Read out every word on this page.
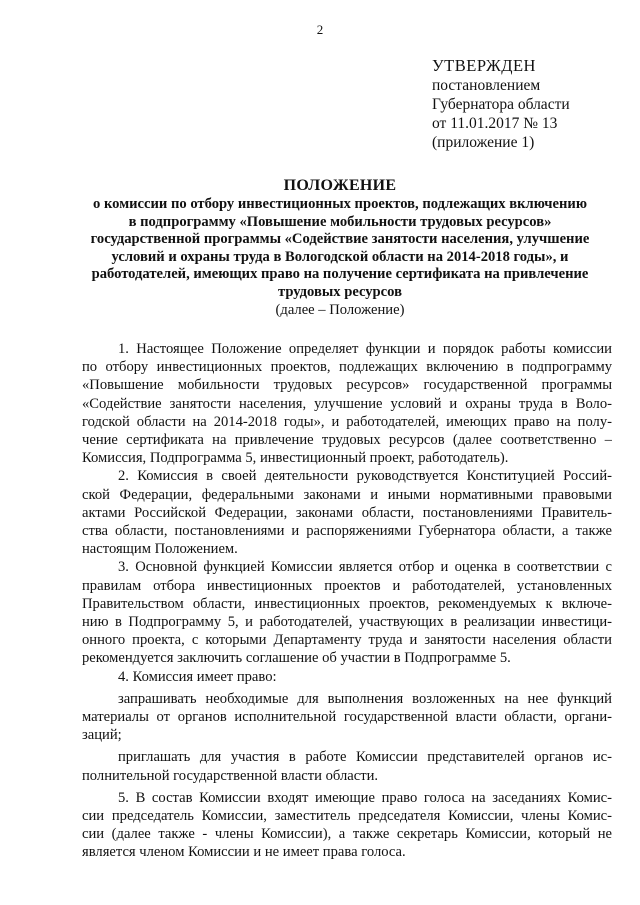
2
УТВЕРЖДЕН
постановлением
Губернатора области
от 11.01.2017 № 13
(приложение 1)
ПОЛОЖЕНИЕ
о комиссии по отбору инвестиционных проектов, подлежащих включению
в подпрограмму «Повышение мобильности трудовых ресурсов»
государственной программы «Содействие занятости населения, улучшение
условий и охраны труда в Вологодской области на 2014-2018 годы», и
работодателей, имеющих право на получение сертификата на привлечение
трудовых ресурсов
(далее – Положение)
1. Настоящее Положение определяет функции и порядок работы комиссии
по отбору инвестиционных проектов, подлежащих включению в подпрограмму
«Повышение мобильности трудовых ресурсов» государственной программы
«Содействие занятости населения, улучшение условий и охраны труда в Воло-
годской области на 2014-2018 годы», и работодателей, имеющих право на полу-
чение сертификата на привлечение трудовых ресурсов (далее соответственно –
Комиссия, Подпрограмма 5, инвестиционный проект, работодатель).
2. Комиссия в своей деятельности руководствуется Конституцией Россий-
ской Федерации, федеральными законами и иными нормативными правовыми
актами Российской Федерации, законами области, постановлениями Правитель-
ства области, постановлениями и распоряжениями Губернатора области, а также
настоящим Положением.
3. Основной функцией Комиссии является отбор и оценка в соответствии с
правилам отбора инвестиционных проектов и работодателей, установленных
Правительством области, инвестиционных проектов, рекомендуемых к включе-
нию в Подпрограмму 5, и работодателей, участвующих в реализации инвестици-
онного проекта, с которыми Департаменту труда и занятости населения области
рекомендуется заключить соглашение об участии в Подпрограмме 5.
4. Комиссия имеет право:
запрашивать необходимые для выполнения возложенных на нее функций
материалы от органов исполнительной государственной власти области, органи-
заций;
приглашать для участия в работе Комиссии представителей органов ис-
полнительной государственной власти области.
5. В состав Комиссии входят имеющие право голоса на заседаниях Комис-
сии председатель Комиссии, заместитель председателя Комиссии, члены Комис-
сии (далее также - члены Комиссии), а также секретарь Комиссии, который не
является членом Комиссии и не имеет права голоса.
